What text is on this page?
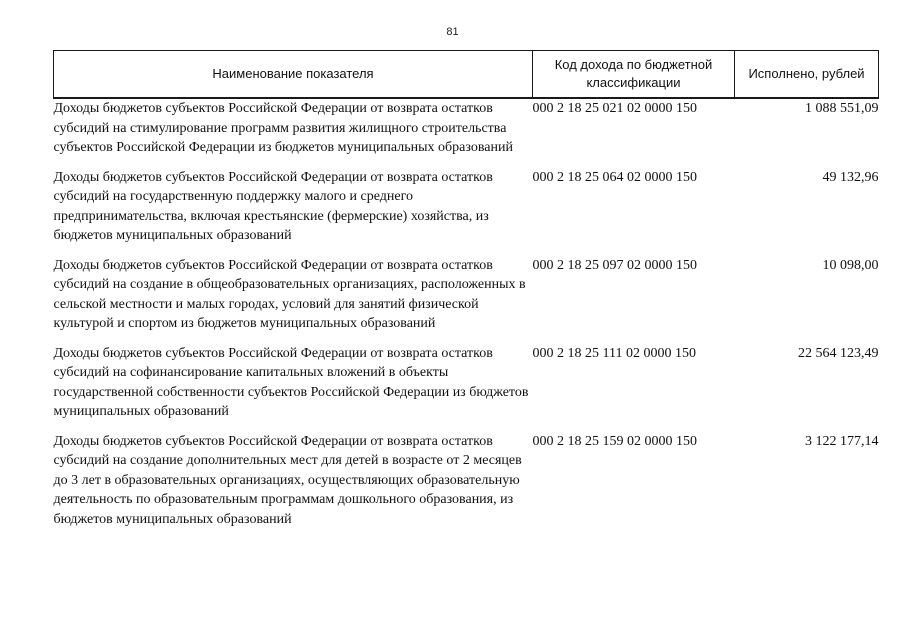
81
Наименование показателя	Код дохода по бюджетной классификации	Исполнено, рублей
Доходы бюджетов субъектов Российской Федерации от возврата остатков субсидий на стимулирование программ развития жилищного строительства субъектов Российской Федерации из бюджетов муниципальных образований	000 2 18 25 021 02 0000 150	1 088 551,09
Доходы бюджетов субъектов Российской Федерации от возврата остатков субсидий на государственную поддержку малого и среднего предпринимательства, включая крестьянские (фермерские) хозяйства, из бюджетов муниципальных образований	000 2 18 25 064 02 0000 150	49 132,96
Доходы бюджетов субъектов Российской Федерации от возврата остатков субсидий на создание в общеобразовательных организациях, расположенных в сельской местности и малых городах, условий для занятий физической культурой и спортом из бюджетов муниципальных образований	000 2 18 25 097 02 0000 150	10 098,00
Доходы бюджетов субъектов Российской Федерации от возврата остатков субсидий на софинансирование капитальных вложений в объекты государственной собственности субъектов Российской Федерации из бюджетов муниципальных образований	000 2 18 25 111 02 0000 150	22 564 123,49
Доходы бюджетов субъектов Российской Федерации от возврата остатков субсидий на создание дополнительных мест для детей в возрасте от 2 месяцев до 3 лет в образовательных организациях, осуществляющих образовательную деятельность по образовательным программам дошкольного образования, из бюджетов муниципальных образований	000 2 18 25 159 02 0000 150	3 122 177,14
